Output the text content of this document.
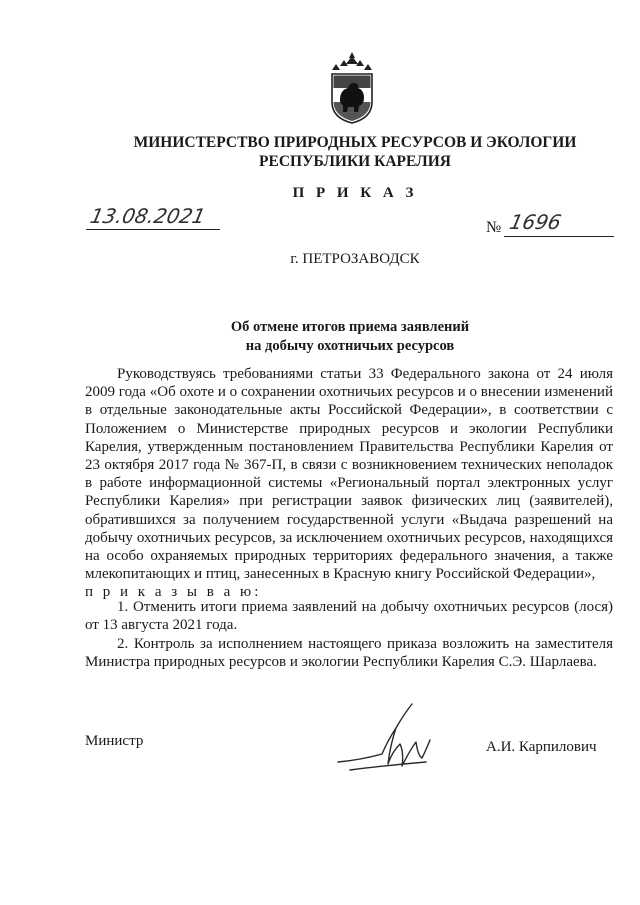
МИНИСТЕРСТВО ПРИРОДНЫХ РЕСУРСОВ И ЭКОЛОГИИ
РЕСПУБЛИКИ КАРЕЛИЯ
П Р И К А З
13.08.2021	№ 1696
г. ПЕТРОЗАВОДСК
Об отмене итогов приема заявлений
на добычу охотничьих ресурсов
Руководствуясь требованиями статьи 33 Федерального закона от 24 июля 2009 года «Об охоте и о сохранении охотничьих ресурсов и о внесении изменений в отдельные законодательные акты Российской Федерации», в соответствии с Положением о Министерстве природных ресурсов и экологии Республики Карелия, утвержденным постановлением Правительства Республики Карелия от 23 октября 2017 года № 367-П, в связи с возникновением технических неполадок в работе информационной системы «Региональный портал электронных услуг Республики Карелия» при регистрации заявок физических лиц (заявителей), обратившихся за получением государственной услуги «Выдача разрешений на добычу охотничьих ресурсов, за исключением охотничьих ресурсов, находящихся на особо охраняемых природных территориях федерального значения, а также млекопитающих и птиц, занесенных в Красную книгу Российской Федерации»,
п р и к а з ы в а ю:
1. Отменить итоги приема заявлений на добычу охотничьих ресурсов (лося) от 13 августа 2021 года.
2. Контроль за исполнением настоящего приказа возложить на заместителя Министра природных ресурсов и экологии Республики Карелия С.Э. Шарлаева.
Министр	А.И. Карпилович
